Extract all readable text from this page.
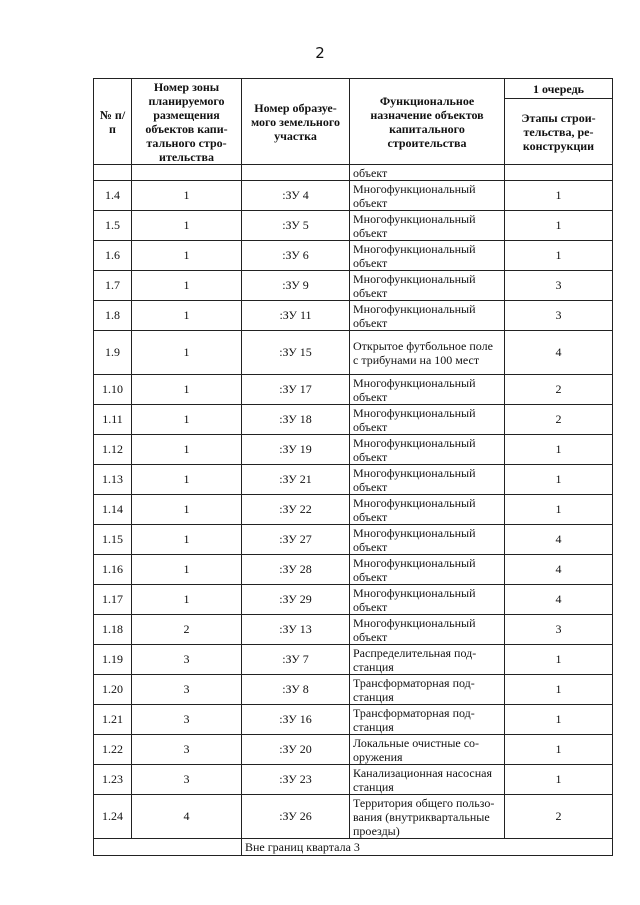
2
№ п/п	Номер зоны планируемого размещения объектов капи- тального стро- ительства	Номер образуе- мого земельного участка	Функциональное назначение объектов капитального строительства	1 очередь
				Этапы строи- тельства, ре- конструкции
			объект	
1.4	1	:ЗУ 4	Многофункциональный объект	1
1.5	1	:ЗУ 5	Многофункциональный объект	1
1.6	1	:ЗУ 6	Многофункциональный объект	1
1.7	1	:ЗУ 9	Многофункциональный объект	3
1.8	1	:ЗУ 11	Многофункциональный объект	3
1.9	1	:ЗУ 15	Открытое футбольное поле с трибунами на 100 мест	4
1.10	1	:ЗУ 17	Многофункциональный объект	2
1.11	1	:ЗУ 18	Многофункциональный объект	2
1.12	1	:ЗУ 19	Многофункциональный объект	1
1.13	1	:ЗУ 21	Многофункциональный объект	1
1.14	1	:ЗУ 22	Многофункциональный объект	1
1.15	1	:ЗУ 27	Многофункциональный объект	4
1.16	1	:ЗУ 28	Многофункциональный объект	4
1.17	1	:ЗУ 29	Многофункциональный объект	4
1.18	2	:ЗУ 13	Многофункциональный объект	3
1.19	3	:ЗУ 7	Распределительная под- станция	1
1.20	3	:ЗУ 8	Трансформаторная под- станция	1
1.21	3	:ЗУ 16	Трансформаторная под- станция	1
1.22	3	:ЗУ 20	Локальные очистные со- оружения	1
1.23	3	:ЗУ 23	Канализационная насосная станция	1
1.24	4	:ЗУ 26	Территория общего пользо- вания (внутриквартальные проезды)	2
		Вне границ квартала 3		
